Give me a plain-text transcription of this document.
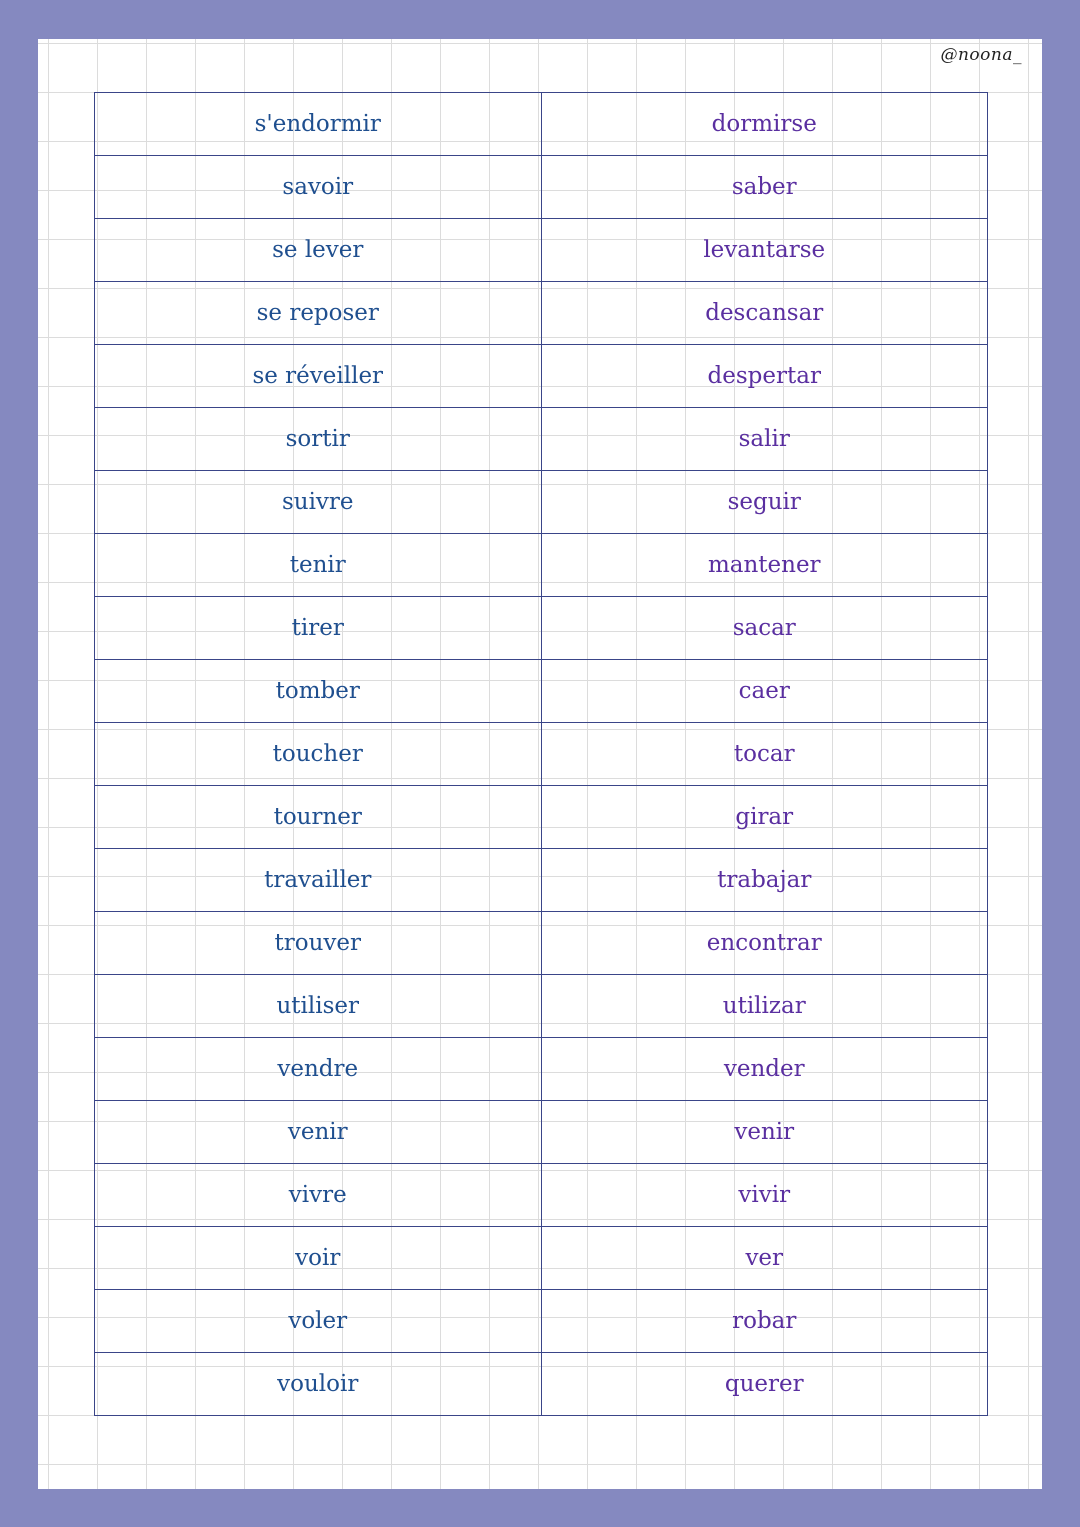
@noona_
s'endormir	dormirse
savoir	saber
se lever	levantarse
se reposer	descansar
se réveiller	despertar
sortir	salir
suivre	seguir
tenir	mantener
tirer	sacar
tomber	caer
toucher	tocar
tourner	girar
travailler	trabajar
trouver	encontrar
utiliser	utilizar
vendre	vender
venir	venir
vivre	vivir
voir	ver
voler	robar
vouloir	querer
